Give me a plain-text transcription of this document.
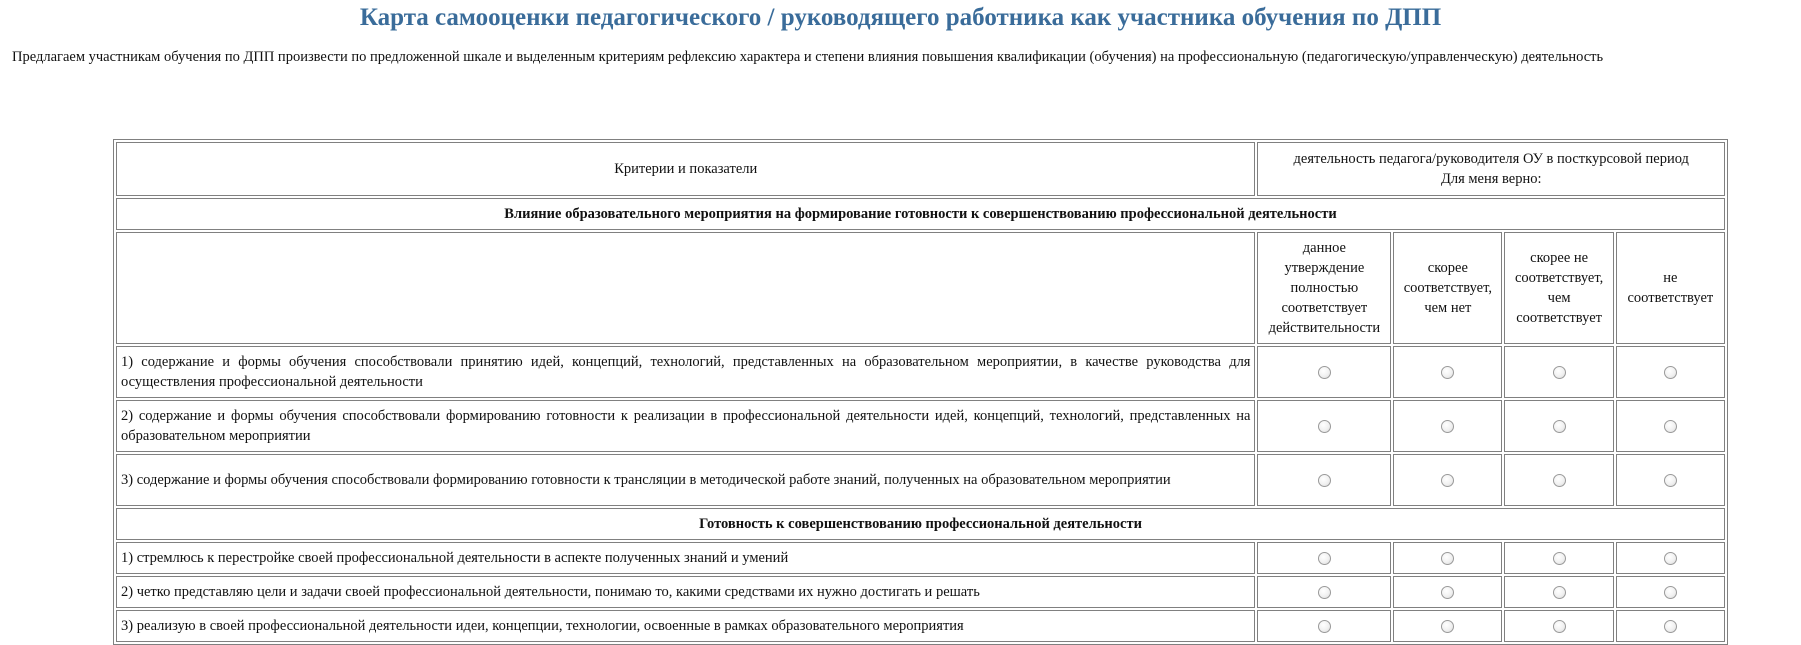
Карта самооценки педагогического / руководящего работника как участника обучения по ДПП
Предлагаем участникам обучения по ДПП произвести по предложенной шкале и выделенным критериям рефлексию характера и степени влияния повышения квалификации (обучения) на профессиональную (педагогическую/управленческую) деятельность
Критерии и показатели	деятельность педагога/руководителя ОУ в посткурсовой период
Для меня верно:			

Влияние образовательного мероприятия на формирование готовности к совершенствованию профессиональной деятельности				
	данное утверждение полностью соответствует действительности	скорее соответствует, чем нет	скорее не соответствует, чем соответствует	не соответствует
1) содержание и формы обучения способствовали принятию идей, концепций, технологий, представленных на образовательном мероприятии, в качестве руководства для осуществления профессиональной деятельности				
2) содержание и формы обучения способствовали формированию готовности к реализации в профессиональной деятельности идей, концепций, технологий, представленных на образовательном мероприятии				
3) содержание и формы обучения способствовали формированию готовности к трансляции в методической работе знаний, полученных на образовательном мероприятии				
Готовность к совершенствованию профессиональной деятельности				
1) стремлюсь к перестройке своей профессиональной деятельности в аспекте полученных знаний и умений				
2) четко представляю цели и задачи своей профессиональной деятельности, понимаю то, какими средствами их нужно достигать и решать				
3) реализую в своей профессиональной деятельности идеи, концепции, технологии, освоенные в рамках образовательного мероприятия				
